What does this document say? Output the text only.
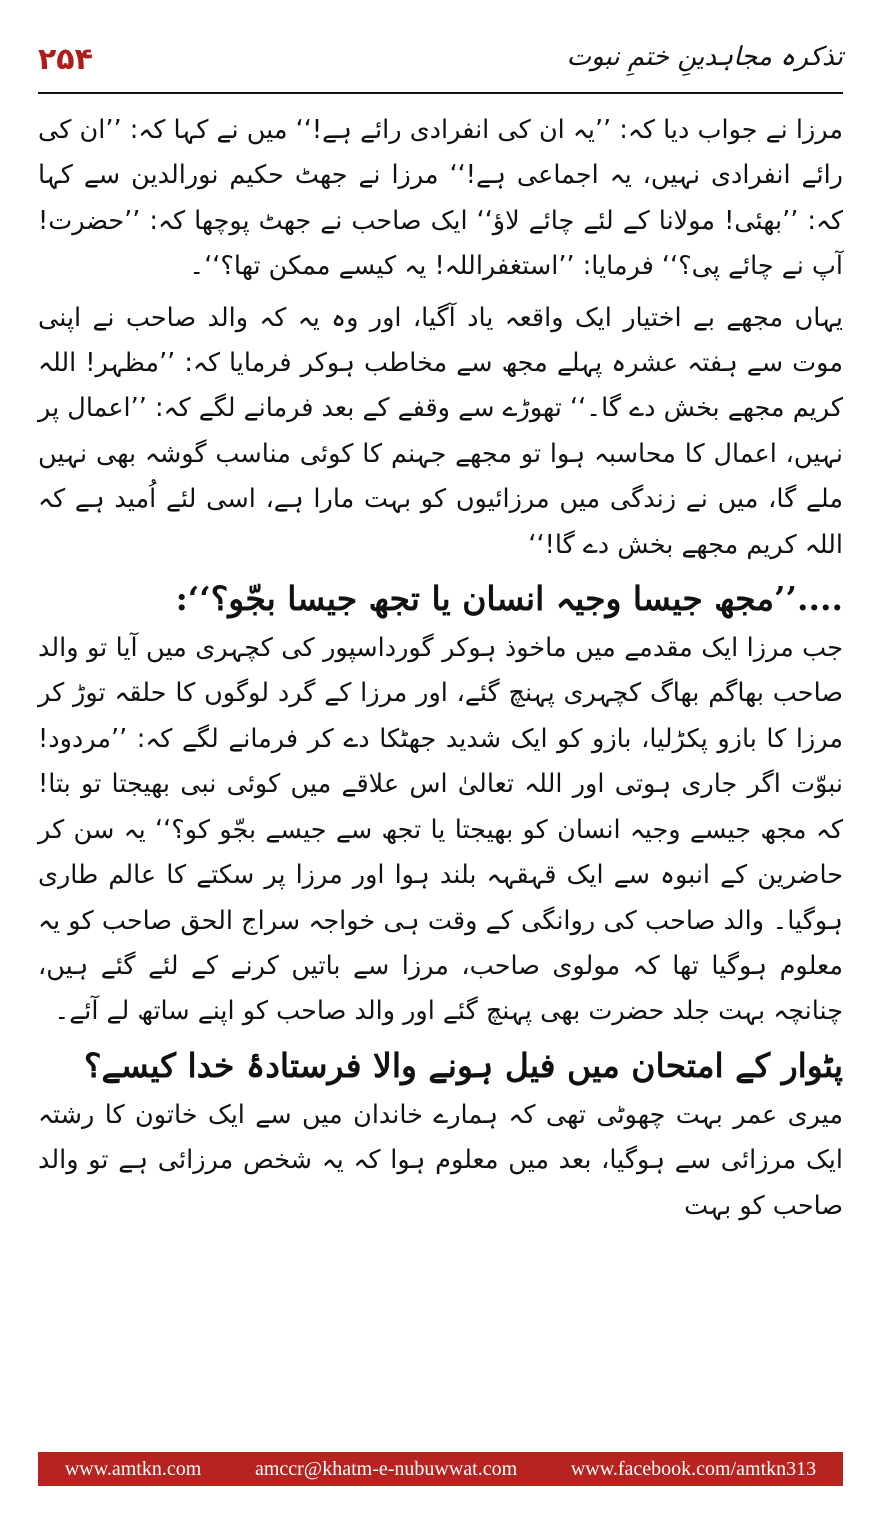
۲۵۴	تذکرہ مجاہدینِ ختمِ نبوت

مرزا نے جواب دیا کہ: ’’یہ ان کی انفرادی رائے ہے!‘‘ میں نے کہا کہ: ’’ان کی رائے انفرادی نہیں، یہ اجماعی ہے!‘‘ مرزا نے جھٹ حکیم نورالدین سے کہا کہ: ’’بھئی! مولانا کے لئے چائے لاؤ‘‘ ایک صاحب نے جھٹ پوچھا کہ: ’’حضرت! آپ نے چائے پی؟‘‘ فرمایا: ’’استغفراللہ! یہ کیسے ممکن تھا؟‘‘۔

یہاں مجھے بے اختیار ایک واقعہ یاد آگیا، اور وہ یہ کہ والد صاحب نے اپنی موت سے ہفتہ عشرہ پہلے مجھ سے مخاطب ہوکر فرمایا کہ: ’’مظہر! اللہ کریم مجھے بخش دے گا۔‘‘ تھوڑے سے وقفے کے بعد فرمانے لگے کہ: ’’اعمال پر نہیں، اعمال کا محاسبہ ہوا تو مجھے جہنم کا کوئی مناسب گوشہ بھی نہیں ملے گا، میں نے زندگی میں مرزائیوں کو بہت مارا ہے، اسی لئے اُمید ہے کہ اللہ کریم مجھے بخش دے گا!‘‘

....’’مجھ جیسا وجیہ انسان یا تجھ جیسا بجّو؟‘‘:

جب مرزا ایک مقدمے میں ماخوذ ہوکر گورداسپور کی کچہری میں آیا تو والد صاحب بھاگم بھاگ کچہری پہنچ گئے، اور مرزا کے گرد لوگوں کا حلقہ توڑ کر مرزا کا بازو پکڑلیا، بازو کو ایک شدید جھٹکا دے کر فرمانے لگے کہ: ’’مردود! نبوّت اگر جاری ہوتی اور اللہ تعالیٰ اس علاقے میں کوئی نبی بھیجتا تو بتا! کہ مجھ جیسے وجیہ انسان کو بھیجتا یا تجھ سے جیسے بجّو کو؟‘‘ یہ سن کر حاضرین کے انبوہ سے ایک قہقہہ بلند ہوا اور مرزا پر سکتے کا عالم طاری ہوگیا۔ والد صاحب کی روانگی کے وقت ہی خواجہ سراج الحق صاحب کو یہ معلوم ہوگیا تھا کہ مولوی صاحب، مرزا سے باتیں کرنے کے لئے گئے ہیں، چنانچہ بہت جلد حضرت بھی پہنچ گئے اور والد صاحب کو اپنے ساتھ لے آئے۔

پٹوار کے امتحان میں فیل ہونے والا فرستادۂ خدا کیسے؟

میری عمر بہت چھوٹی تھی کہ ہمارے خاندان میں سے ایک خاتون کا رشتہ ایک مرزائی سے ہوگیا، بعد میں معلوم ہوا کہ یہ شخص مرزائی ہے تو والد صاحب کو بہت

www.amtkn.com	amccr@khatm-e-nubuwwat.com	www.facebook.com/amtkn313
